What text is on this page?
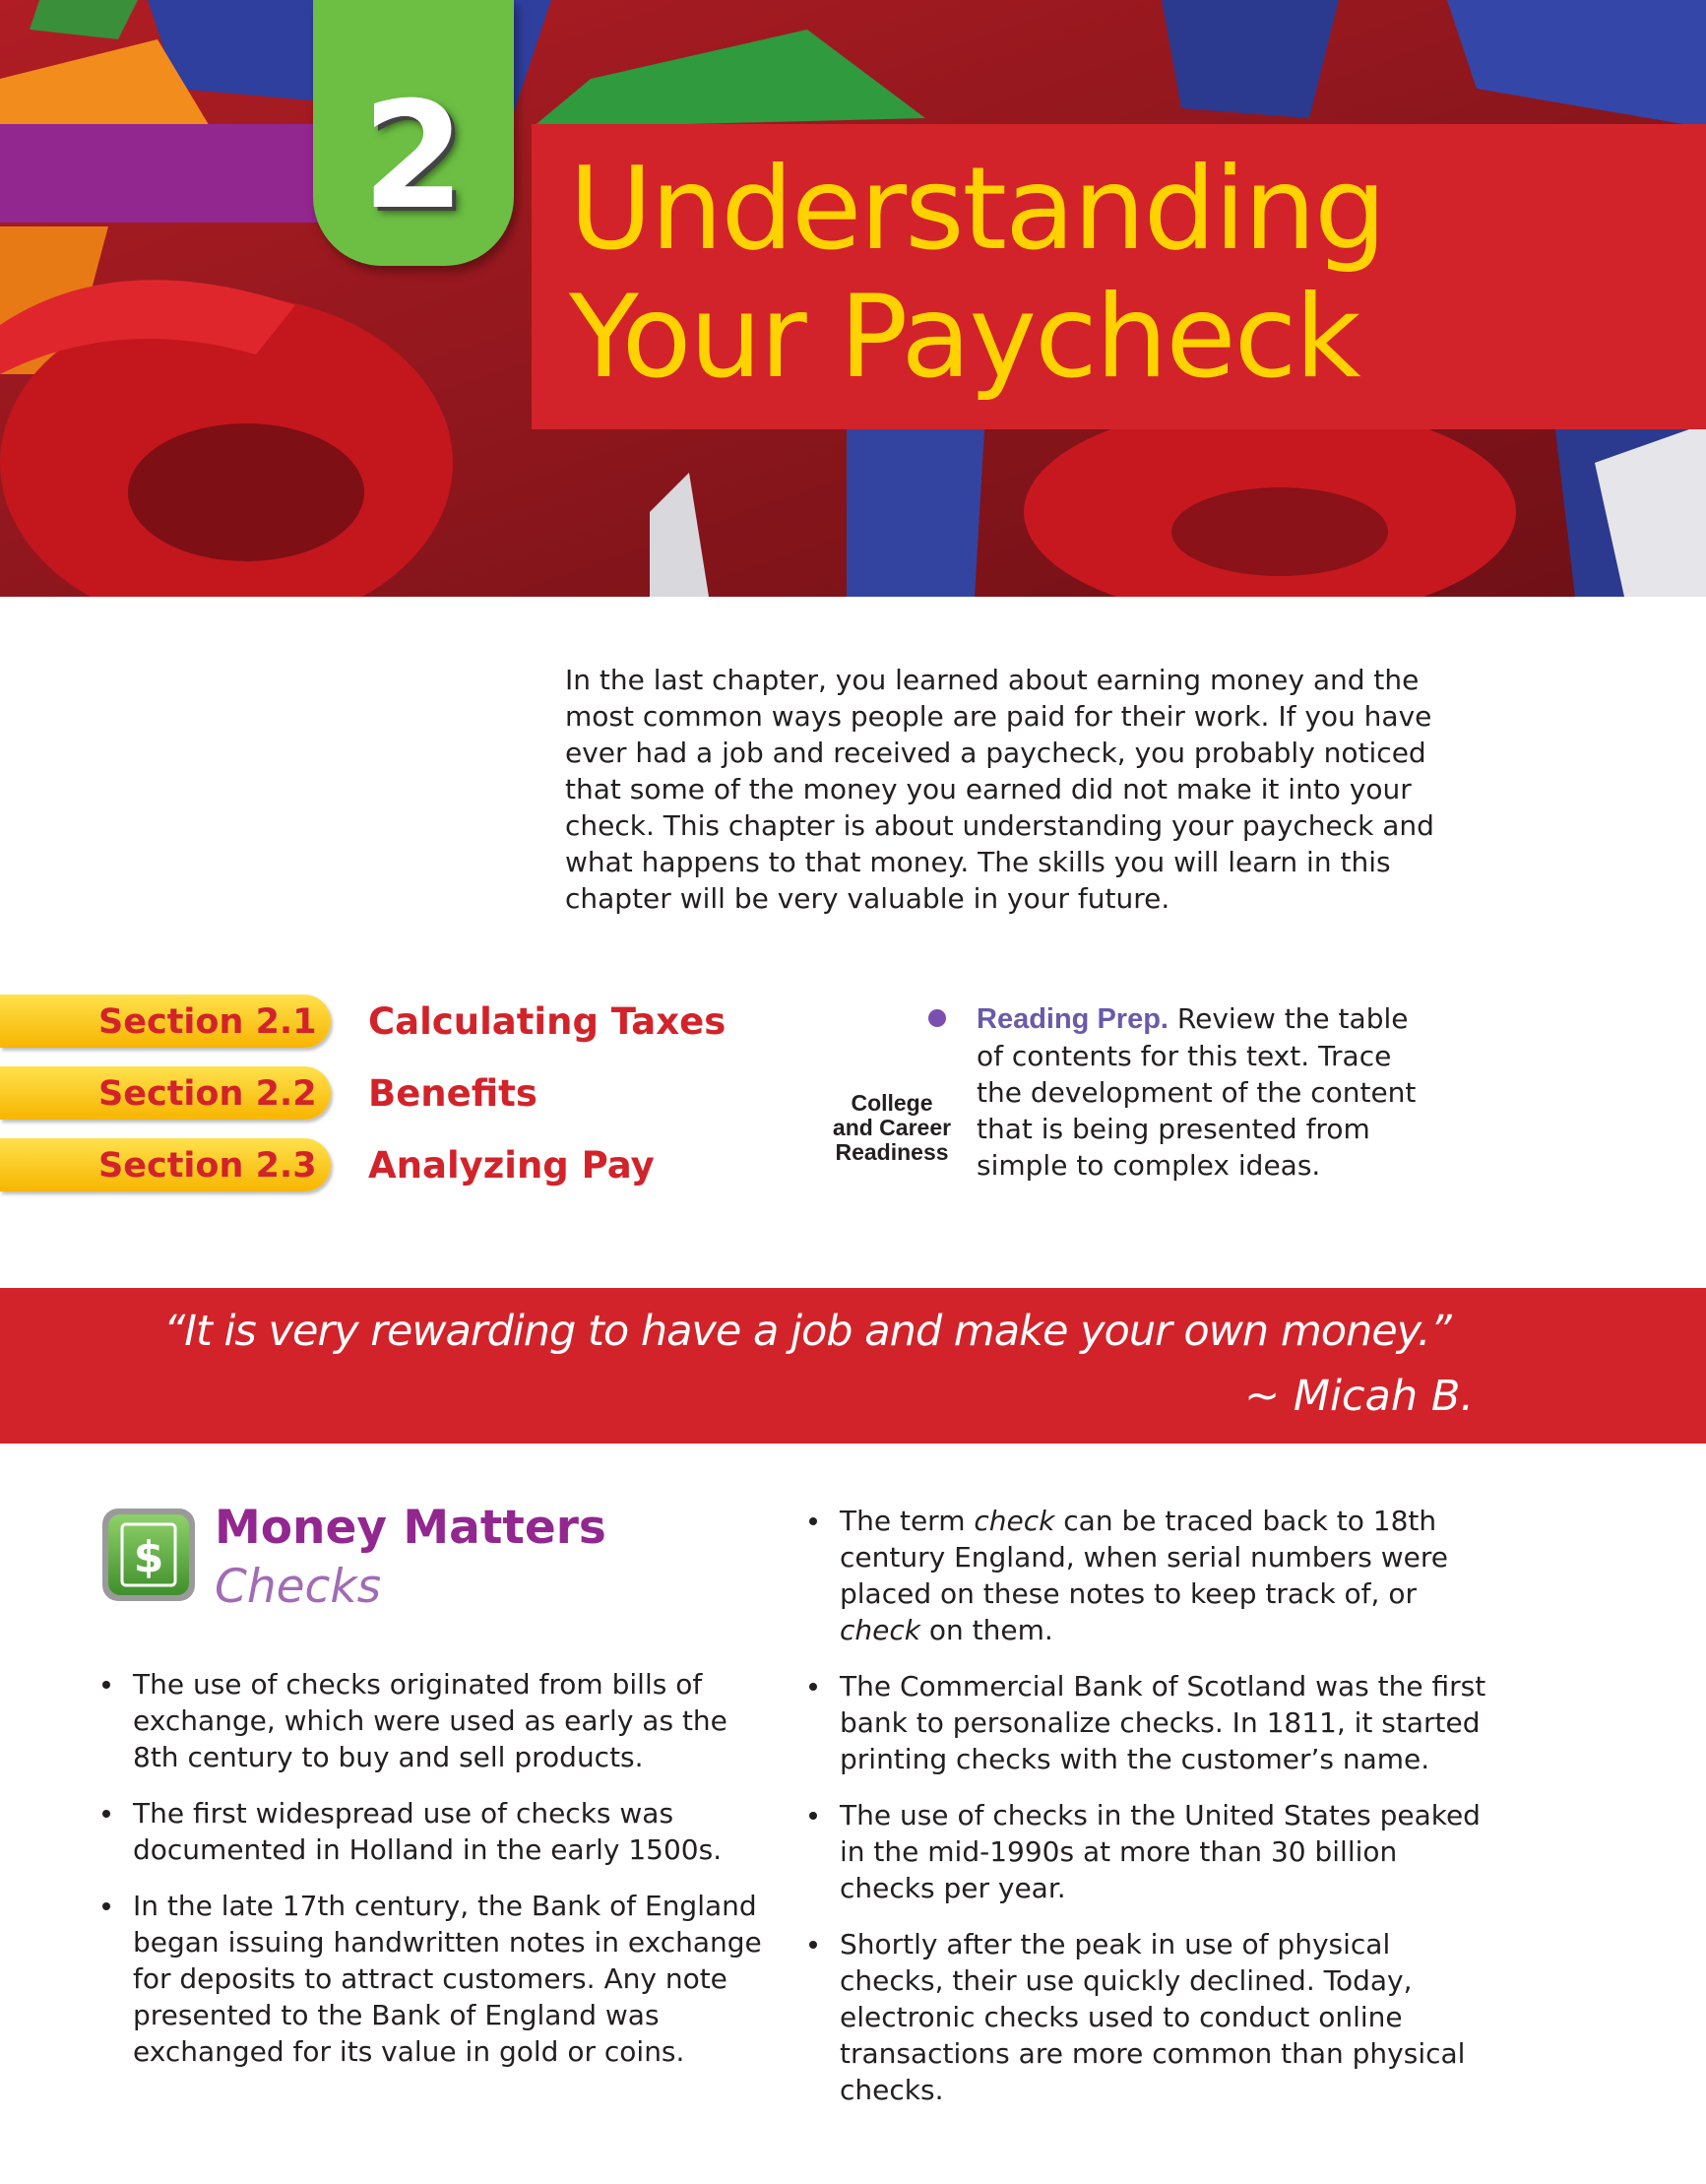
2 Understanding
Your Paycheck

In the last chapter, you learned about earning money and the most common ways people are paid for their work. If you have ever had a job and received a paycheck, you probably noticed that some of the money you earned did not make it into your check. This chapter is about understanding your paycheck and what happens to that money. The skills you will learn in this chapter will be very valuable in your future.

Section 2.1 Calculating Taxes
Section 2.2 Benefits
Section 2.3 Analyzing Pay
College
and Career
Readiness

Reading Prep. Review the table of contents for this text. Trace the development of the content that is being presented from simple to complex ideas.

“It is very rewarding to have a job and make your own money.”
~ Micah B.
$
Money Matters
Checks
The use of checks originated from bills of exchange, which were used as early as the 8th century to buy and sell products.
The first widespread use of checks was documented in Holland in the early 1500s.
In the late 17th century, the Bank of England began issuing handwritten notes in exchange for deposits to attract customers. Any note presented to the Bank of England was exchanged for its value in gold or coins.
The term check can be traced back to 18th century England, when serial numbers were placed on these notes to keep track of, or check on them.
The Commercial Bank of Scotland was the first bank to personalize checks. In 1811, it started printing checks with the customer’s name.
The use of checks in the United States peaked in the mid-1990s at more than 30 billion checks per year.
Shortly after the peak in use of physical checks, their use quickly declined. Today, electronic checks used to conduct online transactions are more common than physical checks.
